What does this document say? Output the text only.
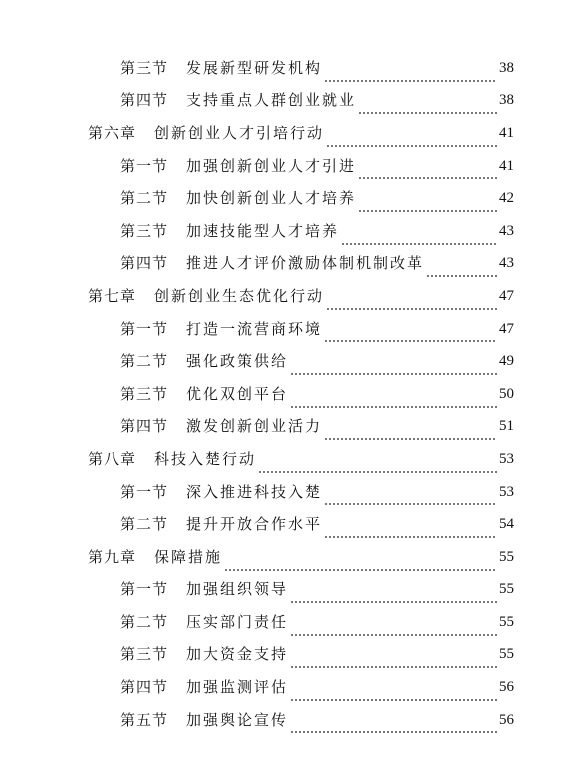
第三节	发展新型研发机构	38
第四节	支持重点人群创业就业	38
第六章	创新创业人才引培行动	41
第一节	加强创新创业人才引进	41
第二节	加快创新创业人才培养	42
第三节	加速技能型人才培养	43
第四节	推进人才评价激励体制机制改革	43
第七章	创新创业生态优化行动	47
第一节	打造一流营商环境	47
第二节	强化政策供给	49
第三节	优化双创平台	50
第四节	激发创新创业活力	51
第八章	科技入楚行动	53
第一节	深入推进科技入楚	53
第二节	提升开放合作水平	54
第九章	保障措施	55
第一节	加强组织领导	55
第二节	压实部门责任	55
第三节	加大资金支持	55
第四节	加强监测评估	56
第五节	加强舆论宣传	56
